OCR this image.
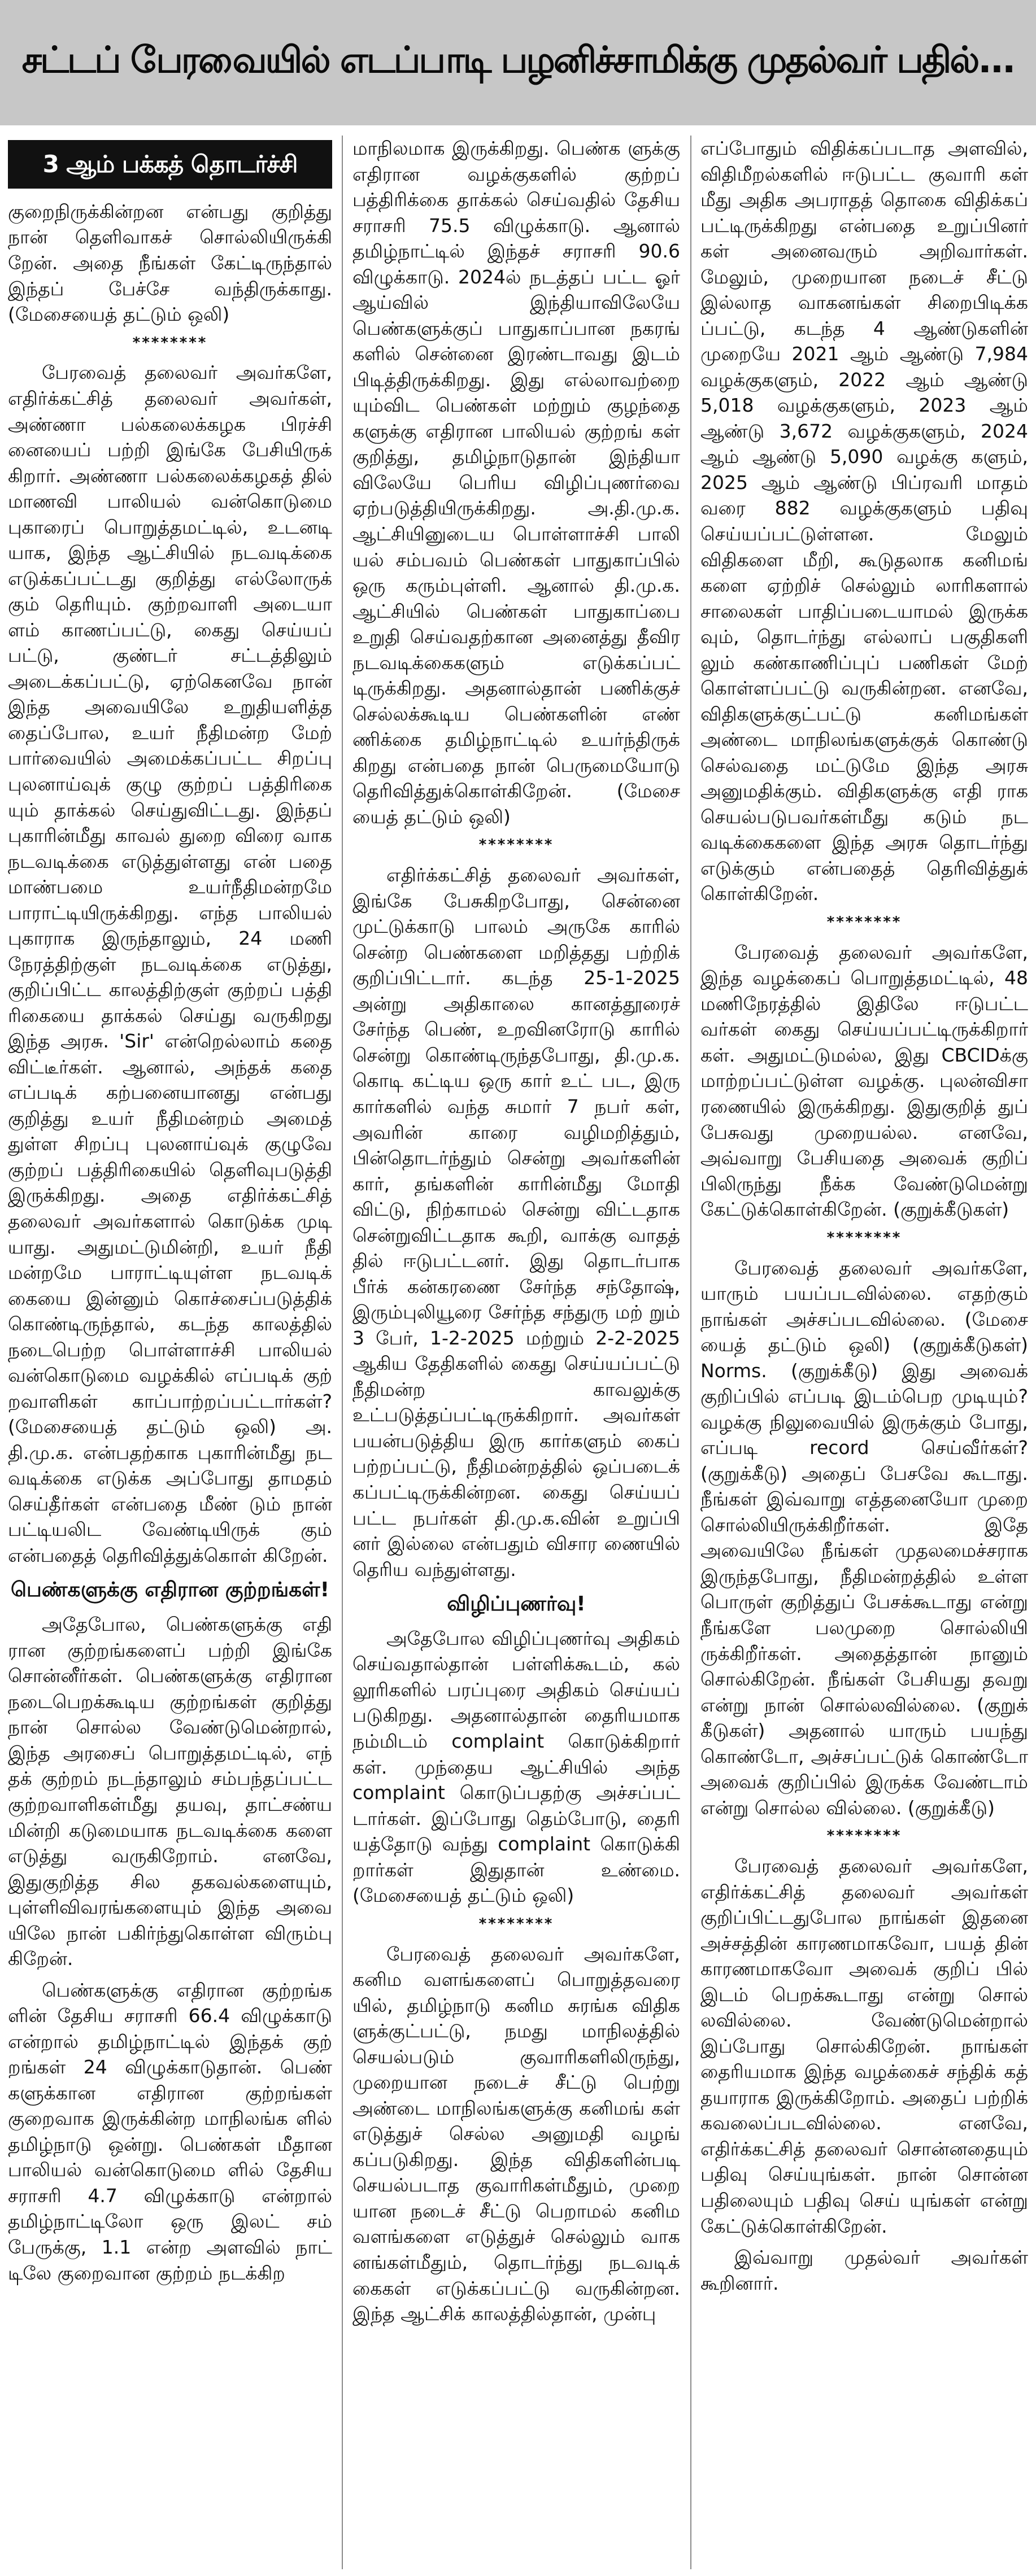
சட்டப் பேரவையில் எடப்பாடி பழனிச்சாமிக்கு முதல்வர் பதில்...
3 ஆம் பக்கத் தொடர்ச்சி

குறைநிருக்கின்றன என்பது குறித்து நான் தெளிவாகச் சொல்லியிருக்கி றேன். அதை நீங்கள் கேட்டிருந்தால் இந்தப் பேச்சே வந்திருக்காது. (மேசையைத் தட்டும் ஒலி)

********

பேரவைத் தலைவர் அவர்களே, எதிர்க்கட்சித் தலைவர் அவர்கள், அண்ணா பல்கலைக்கழக பிரச்சி னையைப் பற்றி இங்கே பேசியிருக் கிறார். அண்ணா பல்கலைக்கழகத் தில் மாணவி பாலியல் வன்கொடுமை புகாரைப் பொறுத்தமட்டில், உடனடி யாக, இந்த ஆட்சியில் நடவடிக்கை எடுக்கப்பட்டது குறித்து எல்லோருக் கும் தெரியும். குற்றவாளி அடையா ளம் காணப்பட்டு, கைது செய்யப் பட்டு, குண்டர் சட்டத்திலும் அடைக்கப்பட்டு, ஏற்கெனவே நான் இந்த அவையிலே உறுதியளித்த தைப்போல, உயர் நீதிமன்ற மேற் பார்வையில் அமைக்கப்பட்ட சிறப்பு புலனாய்வுக் குழு குற்றப் பத்திரிகை யும் தாக்கல் செய்துவிட்டது. இந்தப் புகாரின்மீது காவல் துறை விரை வாக நடவடிக்கை எடுத்துள்ளது என் பதை மாண்பமை உயர்நீதிமன்றமே பாராட்டியிருக்கிறது. எந்த பாலியல் புகாராக இருந்தாலும், 24 மணி நேரத்திற்குள் நடவடிக்கை எடுத்து, குறிப்பிட்ட காலத்திற்குள் குற்றப் பத்தி ரிகையை தாக்கல் செய்து வருகிறது இந்த அரசு. 'Sir' என்றெல்லாம் கதை விட்டீர்கள். ஆனால், அந்தக் கதை எப்படிக் கற்பனையானது என்பது குறித்து உயர் நீதிமன்றம் அமைத் துள்ள சிறப்பு புலனாய்வுக் குழுவே குற்றப் பத்திரிகையில் தெளிவுபடுத்தி இருக்கிறது. அதை எதிர்க்கட்சித் தலைவர் அவர்களால் கொடுக்க முடி யாது. அதுமட்டுமின்றி, உயர் நீதி மன்றமே பாராட்டியுள்ள நடவடிக் கையை இன்னும் கொச்சைப்படுத்திக் கொண்டிருந்தால், கடந்த காலத்தில் நடைபெற்ற பொள்ளாச்சி பாலியல் வன்கொடுமை வழக்கில் எப்படிக் குற் றவாளிகள் காப்பாற்றப்பட்டார்கள்? (மேசையைத் தட்டும் ஒலி) அ. தி.மு.க. என்பதற்காக புகாரின்மீது நட வடிக்கை எடுக்க அப்போது தாமதம் செய்தீர்கள் என்பதை மீண் டும் நான் பட்டியலிட வேண்டியிருக் கும் என்பதைத் தெரிவித்துக்கொள் கிறேன்.

பெண்களுக்கு எதிரான குற்றங்கள்!

அதேபோல, பெண்களுக்கு எதி ரான குற்றங்களைப் பற்றி இங்கே சொன்னீர்கள். பெண்களுக்கு எதிரான நடைபெறக்கூடிய குற்றங்கள் குறித்து நான் சொல்ல வேண்டுமென்றால், இந்த அரசைப் பொறுத்தமட்டில், எந் தக் குற்றம் நடந்தாலும் சம்பந்தப்பட்ட குற்றவாளிகள்மீது தயவு, தாட்சண்ய மின்றி கடுமையாக நடவடிக்கை களை எடுத்து வருகிறோம். எனவே, இதுகுறித்த சில தகவல்களையும், புள்ளிவிவரங்களையும் இந்த அவை யிலே நான் பகிர்ந்துகொள்ள விரும்பு கிறேன்.

பெண்களுக்கு எதிரான குற்றங்க ளின் தேசிய சராசரி 66.4 விழுக்காடு என்றால் தமிழ்நாட்டில் இந்தக் குற் றங்கள் 24 விழுக்காடுதான். பெண் களுக்கான எதிரான குற்றங்கள் குறைவாக இருக்கின்ற மாநிலங்க ளில் தமிழ்நாடு ஒன்று. பெண்கள் மீதான பாலியல் வன்கொடுமை ளில் தேசிய சராசரி 4.7 விழுக்காடு என்றால் தமிழ்நாட்டிலோ ஒரு இலட் சம் பேருக்கு, 1.1 என்ற அளவில் நாட் டிலே குறைவான குற்றம் நடக்கிற

மாநிலமாக இருக்கிறது. பெண்க ளுக்கு எதிரான வழக்குகளில் குற்றப் பத்திரிக்கை தாக்கல் செய்வதில் தேசிய சராசரி 75.5 விழுக்காடு. ஆனால் தமிழ்நாட்டில் இந்தச் சராசரி 90.6 விழுக்காடு. 2024ல் நடத்தப் பட்ட ஓர் ஆய்வில் இந்தியாவிலேயே பெண்களுக்குப் பாதுகாப்பான நகரங் களில் சென்னை இரண்டாவது இடம் பிடித்திருக்கிறது. இது எல்லாவற்றை யும்விட பெண்கள் மற்றும் குழந்தை களுக்கு எதிரான பாலியல் குற்றங் கள் குறித்து, தமிழ்நாடுதான் இந்தியா விலேயே பெரிய விழிப்புணர்வை ஏற்படுத்தியிருக்கிறது. அ.தி.மு.க. ஆட்சியினுடைய பொள்ளாச்சி பாலி யல் சம்பவம் பெண்கள் பாதுகாப்பில் ஒரு கரும்புள்ளி. ஆனால் தி.மு.க. ஆட்சியில் பெண்கள் பாதுகாப்பை உறுதி செய்வதற்கான அனைத்து தீவிர நடவடிக்கைகளும் எடுக்கப்பட் டிருக்கிறது. அதனால்தான் பணிக்குச் செல்லக்கூடிய பெண்களின் எண் ணிக்கை தமிழ்நாட்டில் உயர்ந்திருக் கிறது என்பதை நான் பெருமையோடு தெரிவித்துக்கொள்கிறேன். (மேசை யைத் தட்டும் ஒலி)

********

எதிர்க்கட்சித் தலைவர் அவர்கள், இங்கே பேசுகிறபோது, சென்னை முட்டுக்காடு பாலம் அருகே காரில் சென்ற பெண்களை மறித்தது பற்றிக் குறிப்பிட்டார். கடந்த 25-1-2025 அன்று அதிகாலை கானத்தூரைச் சேர்ந்த பெண், உறவினரோடு காரில் சென்று கொண்டிருந்தபோது, தி.மு.க. கொடி கட்டிய ஒரு கார் உட் பட, இரு கார்களில் வந்த சுமார் 7 நபர் கள், அவரின் காரை வழிமறித்தும், பின்தொடர்ந்தும் சென்று அவர்களின் கார், தங்களின் காரின்மீது மோதி விட்டு, நிற்காமல் சென்று விட்டதாக சென்றுவிட்டதாக கூறி, வாக்கு வாதத் தில் ஈடுபட்டனர். இது தொடர்பாக பீர்க் கன்கரணை சேர்ந்த சந்தோஷ், இரும்புலியூரை சேர்ந்த சந்துரு மற் றும் 3 பேர், 1-2-2025 மற்றும் 2-2-2025 ஆகிய தேதிகளில் கைது செய்யப்பட்டு நீதிமன்ற காவலுக்கு உட்படுத்தப்பட்டிருக்கிறார். அவர்கள் பயன்படுத்திய இரு கார்களும் கைப் பற்றப்பட்டு, நீதிமன்றத்தில் ஒப்படைக் கப்பட்டிருக்கின்றன. கைது செய்யப் பட்ட நபர்கள் தி.மு.க.வின் உறுப்பி னர் இல்லை என்பதும் விசார ணையில் தெரிய வந்துள்ளது.

விழிப்புணர்வு!

அதேபோல விழிப்புணர்வு அதிகம் செய்வதால்தான் பள்ளிக்கூடம், கல் லூரிகளில் பரப்புரை அதிகம் செய்யப் படுகிறது. அதனால்தான் தைரியமாக நம்மிடம் complaint கொடுக்கிறார் கள். முந்தைய ஆட்சியில் அந்த complaint கொடுப்பதற்கு அச்சப்பட் டார்கள். இப்போது தெம்போடு, தைரி யத்தோடு வந்து complaint கொடுக்கி றார்கள் இதுதான் உண்மை. (மேசையைத் தட்டும் ஒலி)

********

பேரவைத் தலைவர் அவர்களே, கனிம வளங்களைப் பொறுத்தவரை யில், தமிழ்நாடு கனிம சுரங்க விதிக ளுக்குட்பட்டு, நமது மாநிலத்தில் செயல்படும் குவாரிகளிலிருந்து, முறையான நடைச் சீட்டு பெற்று அண்டை மாநிலங்களுக்கு கனிமங் கள் எடுத்துச் செல்ல அனுமதி வழங் கப்படுகிறது. இந்த விதிகளின்படி செயல்படாத குவாரிகள்மீதும், முறை யான நடைச் சீட்டு பெறாமல் கனிம வளங்களை எடுத்துச் செல்லும் வாக னங்கள்மீதும், தொடர்ந்து நடவடிக் கைகள் எடுக்கப்பட்டு வருகின்றன. இந்த ஆட்சிக் காலத்தில்தான், முன்பு

எப்போதும் விதிக்கப்படாத அளவில், விதிமீறல்களில் ஈடுபட்ட குவாரி கள் மீது அதிக அபராதத் தொகை விதிக்கப் பட்டிருக்கிறது என்பதை உறுப்பினர் கள் அனைவரும் அறிவார்கள். மேலும், முறையான நடைச் சீட்டு இல்லாத வாகனங்கள் சிறைபிடிக்க ப்பட்டு, கடந்த 4 ஆண்டுகளின் முறையே 2021 ஆம் ஆண்டு 7,984 வழக்குகளும், 2022 ஆம் ஆண்டு 5,018 வழக்குகளும், 2023 ஆம் ஆண்டு 3,672 வழக்குகளும், 2024 ஆம் ஆண்டு 5,090 வழக்கு களும், 2025 ஆம் ஆண்டு பிப்ரவரி மாதம் வரை 882 வழக்குகளும் பதிவு செய்யப்பட்டுள்ளன. மேலும் விதிகளை மீறி, கூடுதலாக கனிமங் களை ஏற்றிச் செல்லும் லாரிகளால் சாலைகள் பாதிப்படையாமல் இருக்க வும், தொடர்ந்து எல்லாப் பகுதிகளி லும் கண்காணிப்புப் பணிகள் மேற் கொள்ளப்பட்டு வருகின்றன. எனவே, விதிகளுக்குட்பட்டு கனிமங்கள் அண்டை மாநிலங்களுக்குக் கொண்டு செல்வதை மட்டுமே இந்த அரசு அனுமதிக்கும். விதிகளுக்கு எதி ராக செயல்படுபவர்கள்மீது கடும் நட வடிக்கைகளை இந்த அரசு தொடர்ந்து எடுக்கும் என்பதைத் தெரிவித்துக் கொள்கிறேன்.

********

பேரவைத் தலைவர் அவர்களே, இந்த வழக்கைப் பொறுத்தமட்டில், 48 மணிநேரத்தில் இதிலே ஈடுபட்ட வர்கள் கைது செய்யப்பட்டிருக்கிறார் கள். அதுமட்டுமல்ல, இது CBCIDக்கு மாற்றப்பட்டுள்ள வழக்கு. புலன்விசா ரணையில் இருக்கிறது. இதுகுறித் துப் பேசுவது முறையல்ல. எனவே, அவ்வாறு பேசியதை அவைக் குறிப் பிலிருந்து நீக்க வேண்டுமென்று கேட்டுக்கொள்கிறேன். (குறுக்கீடுகள்)

********

பேரவைத் தலைவர் அவர்களே, யாரும் பயப்படவில்லை. எதற்கும் நாங்கள் அச்சப்படவில்லை. (மேசை யைத் தட்டும் ஒலி) (குறுக்கீடுகள்) Norms. (குறுக்கீடு) இது அவைக் குறிப்பில் எப்படி இடம்பெற முடியும்? வழக்கு நிலுவையில் இருக்கும் போது, எப்படி record செய்வீர்கள்? (குறுக்கீடு) அதைப் பேசவே கூடாது. நீங்கள் இவ்வாறு எத்தனையோ முறை சொல்லியிருக்கிறீர்கள். இதே அவையிலே நீங்கள் முதலமைச்சராக இருந்தபோது, நீதிமன்றத்தில் உள்ள பொருள் குறித்துப் பேசக்கூடாது என்று நீங்களே பலமுறை சொல்லியி ருக்கிறீர்கள். அதைத்தான் நானும் சொல்கிறேன். நீங்கள் பேசியது தவறு என்று நான் சொல்லவில்லை. (குறுக் கீடுகள்) அதனால் யாரும் பயந்து கொண்டோ, அச்சப்பட்டுக் கொண்டோ அவைக் குறிப்பில் இருக்க வேண்டாம் என்று சொல்ல வில்லை. (குறுக்கீடு)

********

பேரவைத் தலைவர் அவர்களே, எதிர்க்கட்சித் தலைவர் அவர்கள் குறிப்பிட்டதுபோல நாங்கள் இதனை அச்சத்தின் காரணமாகவோ, பயத் தின் காரணமாகவோ அவைக் குறிப் பில் இடம் பெறக்கூடாது என்று சொல் லவில்லை. வேண்டுமென்றால் இப்போது சொல்கிறேன். நாங்கள் தைரியமாக இந்த வழக்கைச் சந்திக் கத் தயாராக இருக்கிறோம். அதைப் பற்றிக் கவலைப்படவில்லை. எனவே, எதிர்க்கட்சித் தலைவர் சொன்னதையும் பதிவு செய்யுங்கள். நான் சொன்ன பதிலையும் பதிவு செய் யுங்கள் என்று கேட்டுக்கொள்கிறேன்.

இவ்வாறு முதல்வர் அவர்கள் கூறினார்.
